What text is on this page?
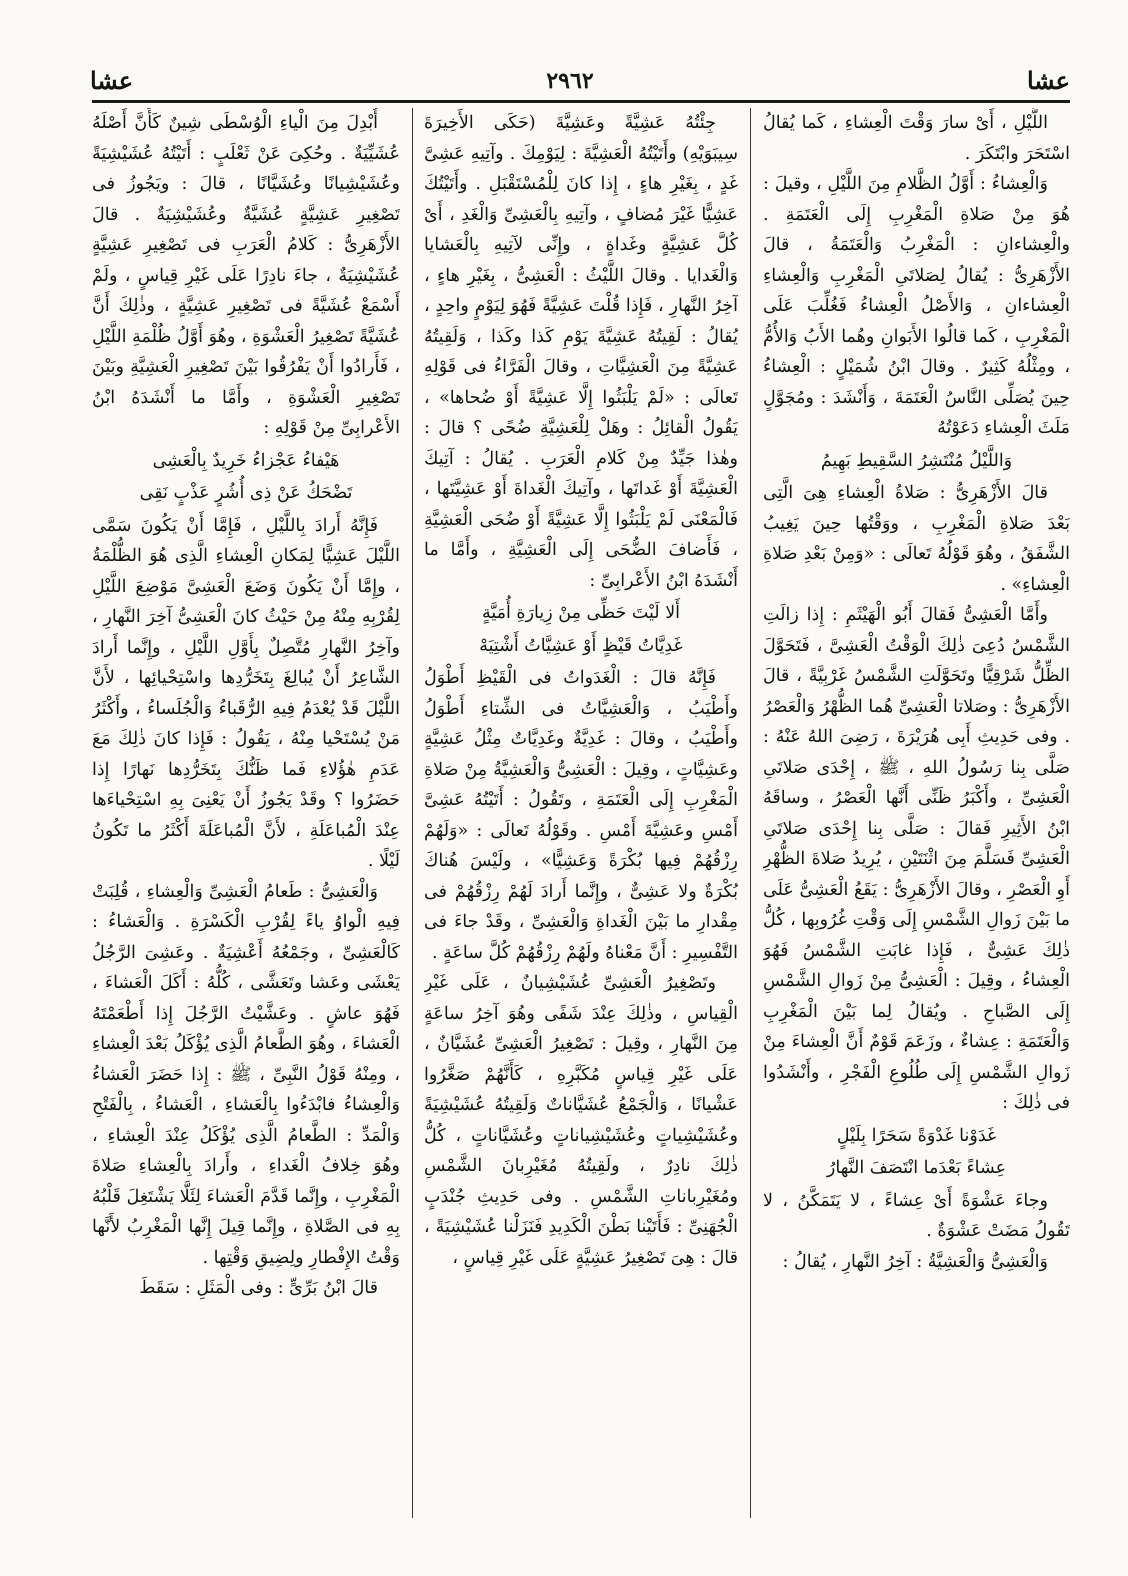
عشا
٢٩٦٢
عشا

اللَّيْلِ ، أَىْ سارَ وَقْتَ الْعِشاءِ ، كَما يُقالُ اسْتَحَرَ وابْتَكَرَ .

وَالْعِشاءُ : أَوَّلُ الظَّلامِ مِنَ اللَّيْلِ ، وقيلَ : هُوَ مِنْ صَلاةِ الْمَغْرِبِ إِلَى الْعَتَمَةِ . والْعِشاءانِ : الْمَغْرِبُ وَالْعَتَمَةُ ، قالَ الأَزْهَرِىُّ : يُقالُ لِصَلاتَىِ الْمَغْرِبِ وَالْعِشاءِ الْعِشاءانِ ، وَالأَصْلُ الْعِشاءُ فَغُلِّبَ عَلَى الْمَغْرِبِ ، كَما قالُوا الأَبَوانِ وهُما الأَبُ وَالأُمُّ ، ومِثْلُهُ كَثِيرٌ . وقالَ ابْنُ شُمَيْلٍ : الْعِشاءُ حِينَ يُصَلِّى النَّاسُ الْعَتَمَةَ ، وَأَنْشَدَ : ومُجَوَّلٍ مَلَثَ الْعِشاءِ دَعَوْتُهُ

وَاللَّيْلُ مُنْتَشِرُ السَّقِيطِ بَهِيمُ

قالَ الأَزْهَرِىُّ : صَلاةُ الْعِشاءِ هِىَ الَّتِى بَعْدَ صَلاةِ الْمَغْرِبِ ، ووَقْتُها حِينَ يَغِيبُ الشَّفَقُ ، وهُوَ قَوْلُهُ تَعالَى : «وَمِنْ بَعْدِ صَلاةِ الْعِشاءِ» .

وأَمَّا الْعَشِىُّ فَقالَ أَبُو الْهَيْثَمِ : إِذا زالَتِ الشَّمْسُ دُعِىَ ذٰلِكَ الْوَقْتُ الْعَشِىَّ ، فَتَحَوَّلَ الظِّلُّ شَرْقِيًّا وتَحَوَّلَتِ الشَّمْسُ غَرْبِيَّةً ، قالَ الأَزْهَرِىُّ : وصَلاتا الْعَشِىِّ هُما الظُّهْرُ وَالْعَصْرُ . وفى حَدِيثِ أَبِى هُرَيْرَةَ ، رَضِىَ اللهُ عَنْهُ : صَلَّى بِنا رَسُولُ اللهِ ، ﷺ ، إِحْدَى صَلاتَىِ الْعَشِىِّ ، وأَكْبَرُ ظَنِّى أَنَّها الْعَصْرُ ، وساقَهُ ابْنُ الأَثِيرِ فَقالَ : صَلَّى بِنا إِحْدَى صَلاتَىِ الْعَشِىِّ فَسَلَّمَ مِنَ اثْنَتَيْنِ ، يُرِيدُ صَلاةَ الظُّهْرِ أَوِ الْعَصْرِ ، وقالَ الأَزْهَرِىُّ : يَقَعُ الْعَشِىُّ عَلَى ما بَيْنَ زَوالِ الشَّمْسِ إِلَى وَقْتِ غُرُوبِها ، كُلُّ ذٰلِكَ عَشِىٌّ ، فَإِذا غابَتِ الشَّمْسُ فَهُوَ الْعِشاءُ ، وقِيلَ : الْعَشِىُّ مِنْ زَوالِ الشَّمْسِ إِلَى الصَّباحِ . ويُقالُ لِما بَيْنَ الْمَغْرِبِ وَالْعَتَمَةِ : عِشاءٌ ، وزَعَمَ قَوْمٌ أَنَّ الْعِشاءَ مِنْ زَوالِ الشَّمْسِ إِلَى طُلُوعِ الْفَجْرِ ، وأَنْشَدُوا فى ذٰلِكَ :

غَدَوْنا غَدْوَةً سَحَرًا بِلَيْلٍ

عِشاءً بَعْدَما انْتَصَفَ النَّهارُ

وجاءَ عَشْوَةً أَىْ عِشاءً ، لا يَتَمَكَّنُ ، لا تَقُولُ مَضَتْ عَشْوَةٌ .

وَالْعَشِىُّ وَالْعَشِيَّةُ : آخِرُ النَّهارِ ، يُقالُ :

جِئْتُهُ عَشِيَّةً وعَشِيَّةَ (حَكَى الأَخِيرَةَ سِيبَوَيْهِ) وأَتَيْتُهُ الْعَشِيَّةَ : لِيَوْمِكَ . وآتِيهِ عَشِىَّ غَدٍ ، بِغَيْرِ هاءٍ ، إِذا كانَ لِلْمُسْتَقْبَلِ . وأَتَيْتُكَ عَشِيًّا غَيْرَ مُضافٍ ، وآتِيهِ بِالْعَشِىِّ وَالْغَدِ ، أَىْ كُلَّ عَشِيَّةٍ وغَداةٍ ، وإِنِّى لآتِيهِ بِالْعَشايا وَالْغَدايا . وقالَ اللَّيْثُ : الْعَشِىُّ ، بِغَيْرِ هاءٍ ، آخِرُ النَّهارِ ، فَإِذا قُلْتَ عَشِيَّةً فَهُوَ لِيَوْمٍ واحِدٍ ، يُقالُ : لَقِيتُهُ عَشِيَّةَ يَوْمِ كَذا وكَذا ، وَلَقِيتُهُ عَشِيَّةً مِنَ الْعَشِيَّاتِ ، وقالَ الْفَرَّاءُ فى قَوْلِهِ تَعالَى : «لَمْ يَلْبَثُوا إِلَّا عَشِيَّةً أَوْ ضُحاها» ، يَقُولُ الْقائِلُ : وهَلْ لِلْعَشِيَّةِ ضُحًى ؟ قالَ : وهٰذا جَيِّدٌ مِنْ كَلامِ الْعَرَبِ . يُقالُ : آتِيكَ الْعَشِيَّةَ أَوْ غَداتَها ، وآتِيكَ الْغَداةَ أَوْ عَشِيَّتَها ، فَالْمَعْنَى لَمْ يَلْبَثُوا إِلَّا عَشِيَّةً أَوْ ضُحَى الْعَشِيَّةِ ، فَأَضافَ الضُّحَى إِلَى الْعَشِيَّةِ ، وأَمَّا ما أَنْشَدَهُ ابْنُ الأَعْرابِىِّ :

أَلا لَيْتَ حَظِّى مِنْ زِيارَةِ أُمَيَّةٍ

غَدِيَّاتُ قَيْظٍ أَوْ عَشِيَّاتُ أَشْتِيَهْ

فَإِنَّهُ قالَ : الْغَدَواتُ فى الْقَيْظِ أَطْوَلُ وأَطْيَبُ ، وَالْعَشِيَّاتُ فى الشِّتاءِ أَطْوَلُ وأَطْيَبُ ، وقالَ : غَدِيَّةٌ وغَدِيَّاتٌ مِثْلُ عَشِيَّةٍ وعَشِيَّاتٍ ، وقِيلَ : الْعَشِىُّ وَالْعَشِيَّةُ مِنْ صَلاةِ الْمَغْرِبِ إِلَى الْعَتَمَةِ ، وتَقُولُ : أَتَيْتُهُ عَشِىَّ أَمْسِ وعَشِيَّةَ أَمْسِ . وقَوْلُهُ تَعالَى : «وَلَهُمْ رِزْقُهُمْ فِيها بُكْرَةً وَعَشِيًّا» ، ولَيْسَ هُناكَ بُكْرَةٌ ولا عَشِىٌّ ، وإِنَّما أَرادَ لَهُمْ رِزْقُهُمْ فى مِقْدارِ ما بَيْنَ الْغَداةِ وَالْعَشِىِّ ، وقَدْ جاءَ فى التَّفْسِيرِ : أَنَّ مَعْناهُ ولَهُمْ رِزْقُهُمْ كُلَّ ساعَةٍ .

وتَصْغِيرُ الْعَشِىِّ عُشَيْشِيانٌ ، عَلَى غَيْرِ الْقِياسِ ، وذٰلِكَ عِنْدَ شَفًى وهُوَ آخِرُ ساعَةٍ مِنَ النَّهارِ ، وقِيلَ : تَصْغِيرُ الْعَشِىِّ عُشَيَّانٌ ، عَلَى غَيْرِ قِياسٍ مُكَبَّرِهِ ، كَأَنَّهُمْ صَغَّرُوا عَشْيانًا ، وَالْجَمْعُ عُشَيَّاناتٌ وَلَقِيتُهُ عُشَيْشِيَةً وعُشَيْشِياتٍ وعُشَيْشِياناتٍ وعُشَيَّاناتٍ ، كُلُّ ذٰلِكَ نادِرٌ ، ولَقِيتُهُ مُغَيْرِبانَ الشَّمْسِ ومُغَيْرِباناتِ الشَّمْسِ . وفى حَدِيثِ جُنْدَبٍ الْجُهَنِىِّ : فَأَتَيْنا بَطْنَ الْكَدِيدِ فَنَزَلْنا عُشَيْشِيَةً ، قالَ : هِىَ تَصْغِيرُ عَشِيَّةٍ عَلَى غَيْرِ قِياسٍ ،

أُبْدِلَ مِنَ الْياءِ الْوُسْطَى شِينٌ كَأَنَّ أَصْلَهُ عُشَيِّيَةٌ . وحُكِىَ عَنْ ثَعْلَبٍ : أَتَيْتُهُ عُشَيْشِيَةً وعُشَيْشِيانًا وعُشَيَّانًا ، قالَ : ويَجُوزُ فى تَصْغِيرِ عَشِيَّةٍ عُشَيَّةٌ وعُشَيْشِيَةٌ . قالَ الأَزْهَرِىُّ : كَلامُ الْعَرَبِ فى تَصْغِيرِ عَشِيَّةٍ عُشَيْشِيَةٌ ، جاءَ نادِرًا عَلَى غَيْرِ قِياسٍ ، ولَمْ أَسْمَعْ عُشَيَّةً فى تَصْغِيرِ عَشِيَّةٍ ، وذٰلِكَ أَنَّ عُشَيَّةً تَصْغِيرُ الْعَشْوَةِ ، وهُوَ أَوَّلُ ظُلْمَةِ اللَّيْلِ ، فَأَرادُوا أَنْ يَفْرُقُوا بَيْنَ تَصْغِيرِ الْعَشِيَّةِ وبَيْنَ تَصْغِيرِ الْعَشْوَةِ ، وأَمَّا ما أَنْشَدَهُ ابْنُ الأَعْرابِىِّ مِنْ قَوْلِهِ :

هَيْفاءُ عَجْزاءُ خَرِيدٌ بِالْعَشِى

تَضْحَكُ عَنْ ذِى أُشُرٍ عَذْبٍ نَقِى

فَإِنَّهُ أَرادَ بِاللَّيْلِ ، فَإِمَّا أَنْ يَكُونَ سَمَّى اللَّيْلَ عَشِيًّا لِمَكانِ الْعِشاءِ الَّذِى هُوَ الظُّلْمَةُ ، وإِمَّا أَنْ يَكُونَ وَضَعَ الْعَشِىَّ مَوْضِعَ اللَّيْلِ لِقُرْبِهِ مِنْهُ مِنْ حَيْثُ كانَ الْعَشِىُّ آخِرَ النَّهارِ ، وآخِرُ النَّهارِ مُتَّصِلٌ بِأَوَّلِ اللَّيْلِ ، وإِنَّما أَرادَ الشَّاعِرُ أَنْ يُبالِغَ بِتَخَرُّدِها واسْتِحْيائِها ، لأَنَّ اللَّيْلَ قَدْ يُعْدَمُ فِيهِ الرُّقَباءُ وَالْجُلَساءُ ، وأَكْثَرُ مَنْ يُسْتَحْيا مِنْهُ ، يَقُولُ : فَإِذا كانَ ذٰلِكَ مَعَ عَدَمِ هٰؤُلاءِ فَما ظَنُّكَ بِتَخَرُّدِها نَهارًا إِذا حَضَرُوا ؟ وقَدْ يَجُوزُ أَنْ يَعْنِىَ بِهِ اسْتِحْياءَها عِنْدَ الْمُباعَلَةِ ، لأَنَّ الْمُباعَلَةَ أَكْثَرُ ما تَكُونُ لَيْلًا .

وَالْعَشِىُّ : طَعامُ الْعَشِىِّ وَالْعِشاءِ ، قُلِبَتْ فِيهِ الْواوُ ياءً لِقُرْبِ الْكَسْرَةِ . وَالْعَشاءُ : كَالْعَشِىِّ ، وجَمْعُهُ أَعْشِيَةٌ . وعَشِىَ الرَّجُلُ يَعْشَى وعَشا وتَعَشَّى ، كُلُّهُ : أَكَلَ الْعَشاءَ ، فَهُوَ عاشٍ . وعَشَّيْتُ الرَّجُلَ إِذا أَطْعَمْتَهُ الْعَشاءَ ، وهُوَ الطَّعامُ الَّذِى يُؤْكَلُ بَعْدَ الْعِشاءِ ، ومِنْهُ قَوْلُ النَّبِىِّ ، ﷺ : إِذا حَضَرَ الْعَشاءُ وَالْعِشاءُ فابْدَءُوا بِالْعَشاءِ ، الْعَشاءُ ، بِالْفَتْحِ وَالْمَدِّ : الطَّعامُ الَّذِى يُؤْكَلُ عِنْدَ الْعِشاءِ ، وهُوَ خِلافُ الْغَداءِ ، وأَرادَ بِالْعِشاءِ صَلاةَ الْمَغْرِبِ ، وإِنَّما قَدَّمَ الْعَشاءَ لِئَلَّا يَشْتَغِلَ قَلْبُهُ بِهِ فى الصَّلاةِ ، وإِنَّما قِيلَ إِنَّها الْمَغْرِبُ لأَنَّها وَقْتُ الإِفْطارِ ولِضِيقِ وَقْتِها .

قالَ ابْنُ بَرِّىٍّ : وفى الْمَثَلِ : سَقَطَ
